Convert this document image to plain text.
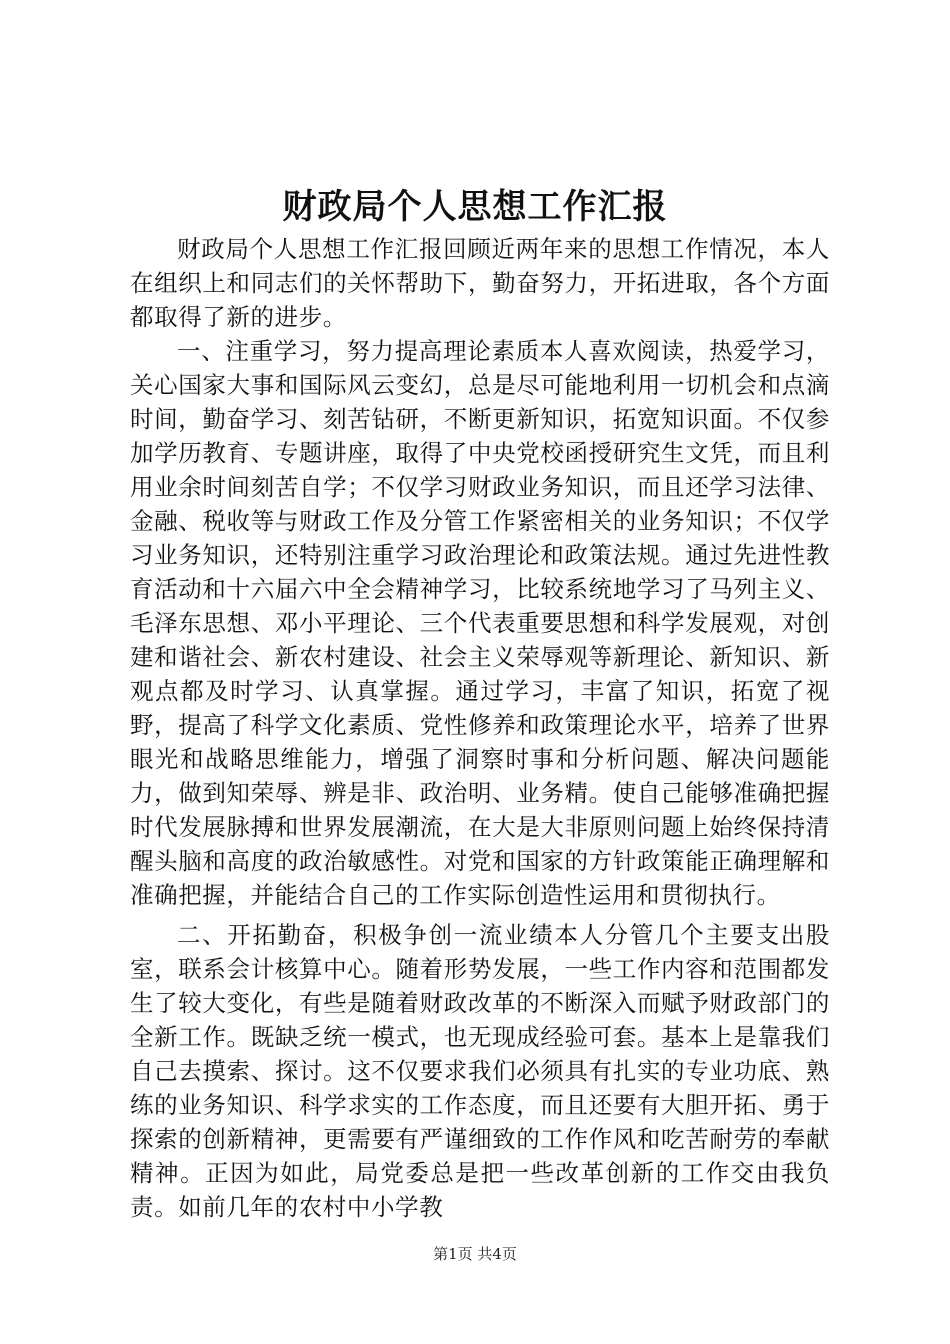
财政局个人思想工作汇报

财政局个人思想工作汇报回顾近两年来的思想工作情况，本人在组织上和同志们的关怀帮助下，勤奋努力，开拓进取，各个方面都取得了新的进步。

一、注重学习，努力提高理论素质本人喜欢阅读，热爱学习，关心国家大事和国际风云变幻，总是尽可能地利用一切机会和点滴时间，勤奋学习、刻苦钻研，不断更新知识，拓宽知识面。不仅参加学历教育、专题讲座，取得了中央党校函授研究生文凭，而且利用业余时间刻苦自学；不仅学习财政业务知识，而且还学习法律、金融、税收等与财政工作及分管工作紧密相关的业务知识；不仅学习业务知识，还特别注重学习政治理论和政策法规。通过先进性教育活动和十六届六中全会精神学习，比较系统地学习了马列主义、毛泽东思想、邓小平理论、三个代表重要思想和科学发展观，对创建和谐社会、新农村建设、社会主义荣辱观等新理论、新知识、新观点都及时学习、认真掌握。通过学习，丰富了知识，拓宽了视野，提高了科学文化素质、党性修养和政策理论水平，培养了世界眼光和战略思维能力，增强了洞察时事和分析问题、解决问题能力，做到知荣辱、辨是非、政治明、业务精。使自己能够准确把握时代发展脉搏和世界发展潮流，在大是大非原则问题上始终保持清醒头脑和高度的政治敏感性。对党和国家的方针政策能正确理解和准确把握，并能结合自己的工作实际创造性运用和贯彻执行。

二、开拓勤奋，积极争创一流业绩本人分管几个主要支出股室，联系会计核算中心。随着形势发展，一些工作内容和范围都发生了较大变化，有些是随着财政改革的不断深入而赋予财政部门的全新工作。既缺乏统一模式，也无现成经验可套。基本上是靠我们自己去摸索、探讨。这不仅要求我们必须具有扎实的专业功底、熟练的业务知识、科学求实的工作态度，而且还要有大胆开拓、勇于探索的创新精神，更需要有严谨细致的工作作风和吃苦耐劳的奉献精神。正因为如此，局党委总是把一些改革创新的工作交由我负责。如前几年的农村中小学教

第1页 共4页
